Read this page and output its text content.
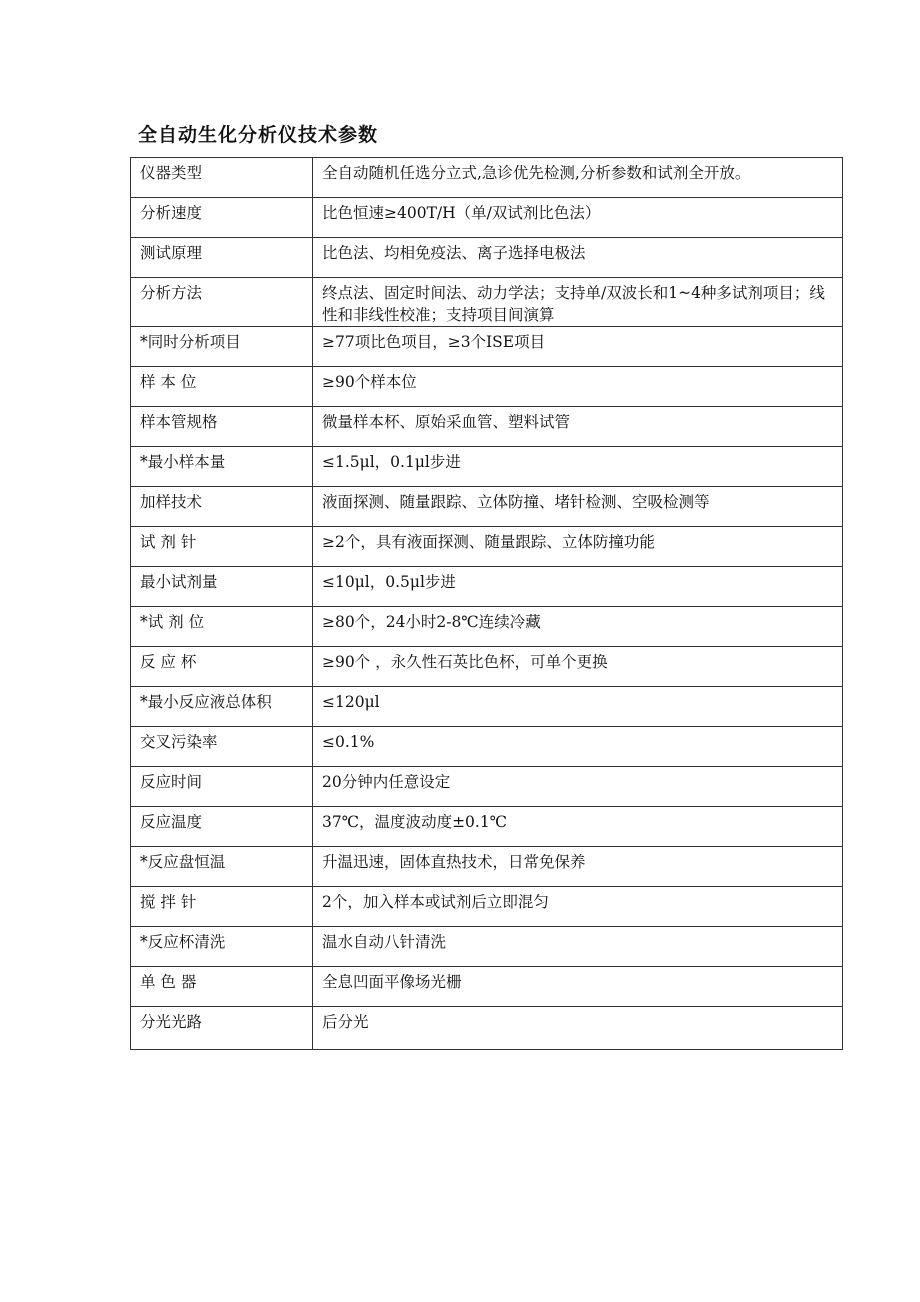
全自动生化分析仪技术参数
仪器类型	全自动随机任选分立式,急诊优先检测,分析参数和试剂全开放。
分析速度	比色恒速≥400T/H（单/双试剂比色法）
测试原理	比色法、均相免疫法、离子选择电极法
分析方法	终点法、固定时间法、动力学法；支持单/双波长和1~4种多试剂项目；线性和非线性校准；支持项目间演算
*同时分析项目	≥77项比色项目，≥3个ISE项目
样 本 位	≥90个样本位
样本管规格	微量样本杯、原始采血管、塑料试管
*最小样本量	≤1.5μl，0.1μl步进
加样技术	液面探测、随量跟踪、立体防撞、堵针检测、空吸检测等
试 剂 针	≥2个，具有液面探测、随量跟踪、立体防撞功能
最小试剂量	≤10μl，0.5μl步进
*试 剂 位	≥80个，24小时2-8℃连续冷藏
反 应 杯	≥90个 ，永久性石英比色杯，可单个更换
*最小反应液总体积	≤120μl
交叉污染率	≤0.1%
反应时间	20分钟内任意设定
反应温度	37℃，温度波动度±0.1℃
*反应盘恒温	升温迅速，固体直热技术，日常免保养
搅 拌 针	2个，加入样本或试剂后立即混匀
*反应杯清洗	温水自动八针清洗
单 色 器	全息凹面平像场光栅
分光光路	后分光
